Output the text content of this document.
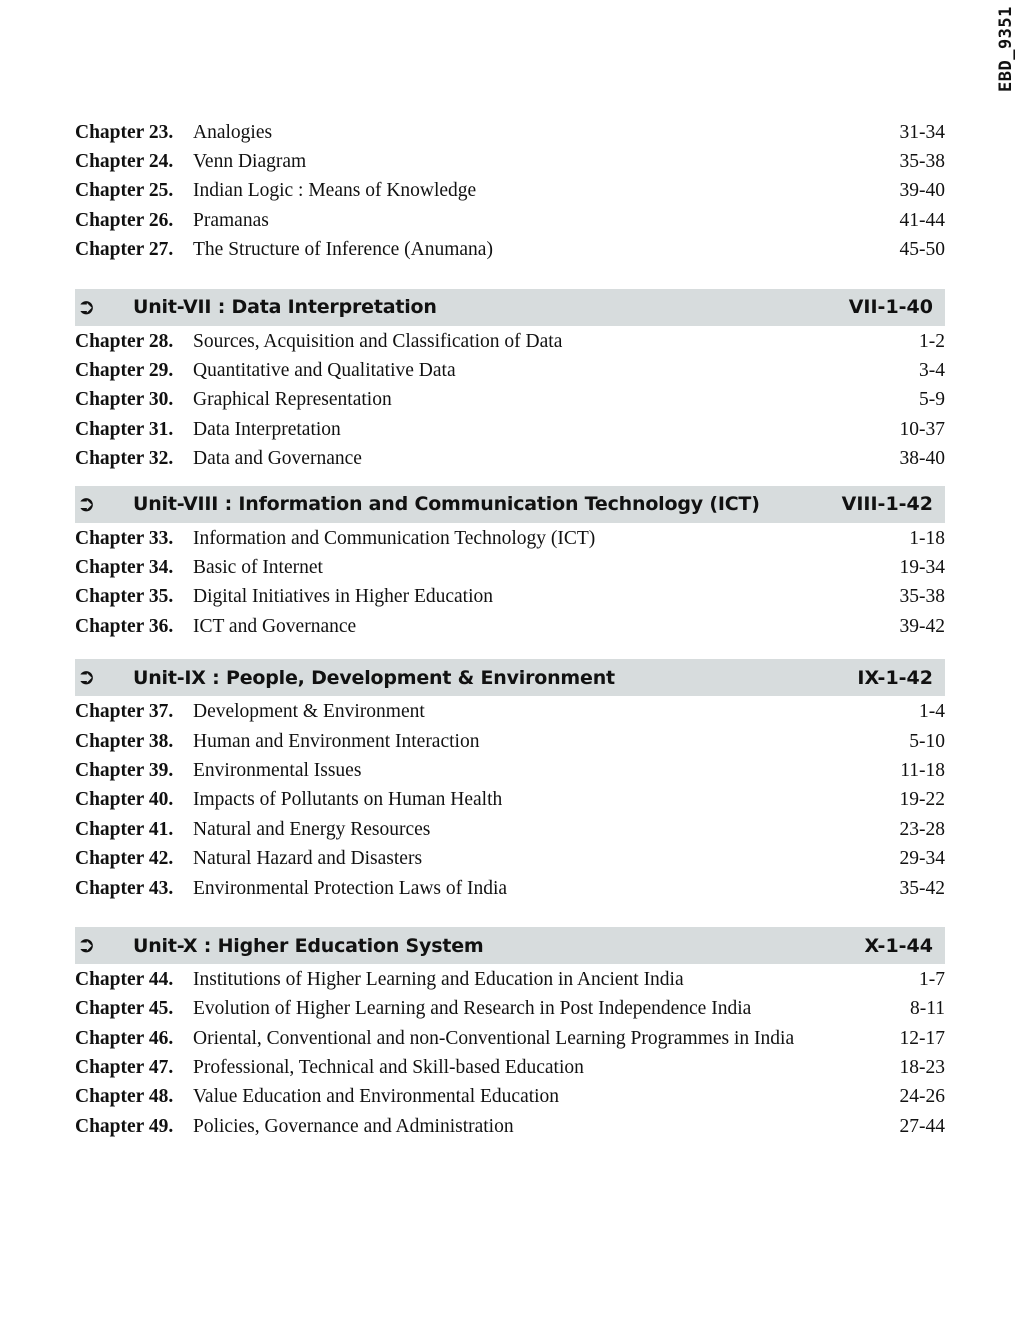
EBD_9351
Chapter 23.	Analogies	31-34
Chapter 24.	Venn Diagram	35-38
Chapter 25.	Indian Logic : Means of Knowledge	39-40
Chapter 26.	Pramanas	41-44
Chapter 27.	The Structure of Inference (Anumana)	45-50
➲	Unit-VII : Data Interpretation	VII-1-40
Chapter 28.	Sources, Acquisition and Classification of Data	1-2
Chapter 29.	Quantitative and Qualitative Data	3-4
Chapter 30.	Graphical Representation	5-9
Chapter 31.	Data Interpretation	10-37
Chapter 32.	Data and Governance	38-40
➲	Unit-VIII : Information and Communication Technology (ICT)	VIII-1-42
Chapter 33.	Information and Communication Technology (ICT)	1-18
Chapter 34.	Basic of Internet	19-34
Chapter 35.	Digital Initiatives in Higher Education	35-38
Chapter 36.	ICT and Governance	39-42
➲	Unit-IX : People, Development & Environment	IX-1-42
Chapter 37.	Development & Environment	1-4
Chapter 38.	Human and Environment Interaction	5-10
Chapter 39.	Environmental Issues	11-18
Chapter 40.	Impacts of Pollutants on Human Health	19-22
Chapter 41.	Natural and Energy Resources	23-28
Chapter 42.	Natural Hazard and Disasters	29-34
Chapter 43.	Environmental Protection Laws of India	35-42
➲	Unit-X : Higher Education System	X-1-44
Chapter 44.	Institutions of Higher Learning and Education in Ancient India	1-7
Chapter 45.	Evolution of Higher Learning and Research in Post Independence India	8-11
Chapter 46.	Oriental, Conventional and non-Conventional Learning Programmes in India	12-17
Chapter 47.	Professional, Technical and Skill-based Education	18-23
Chapter 48.	Value Education and Environmental Education	24-26
Chapter 49.	Policies, Governance and Administration	27-44
